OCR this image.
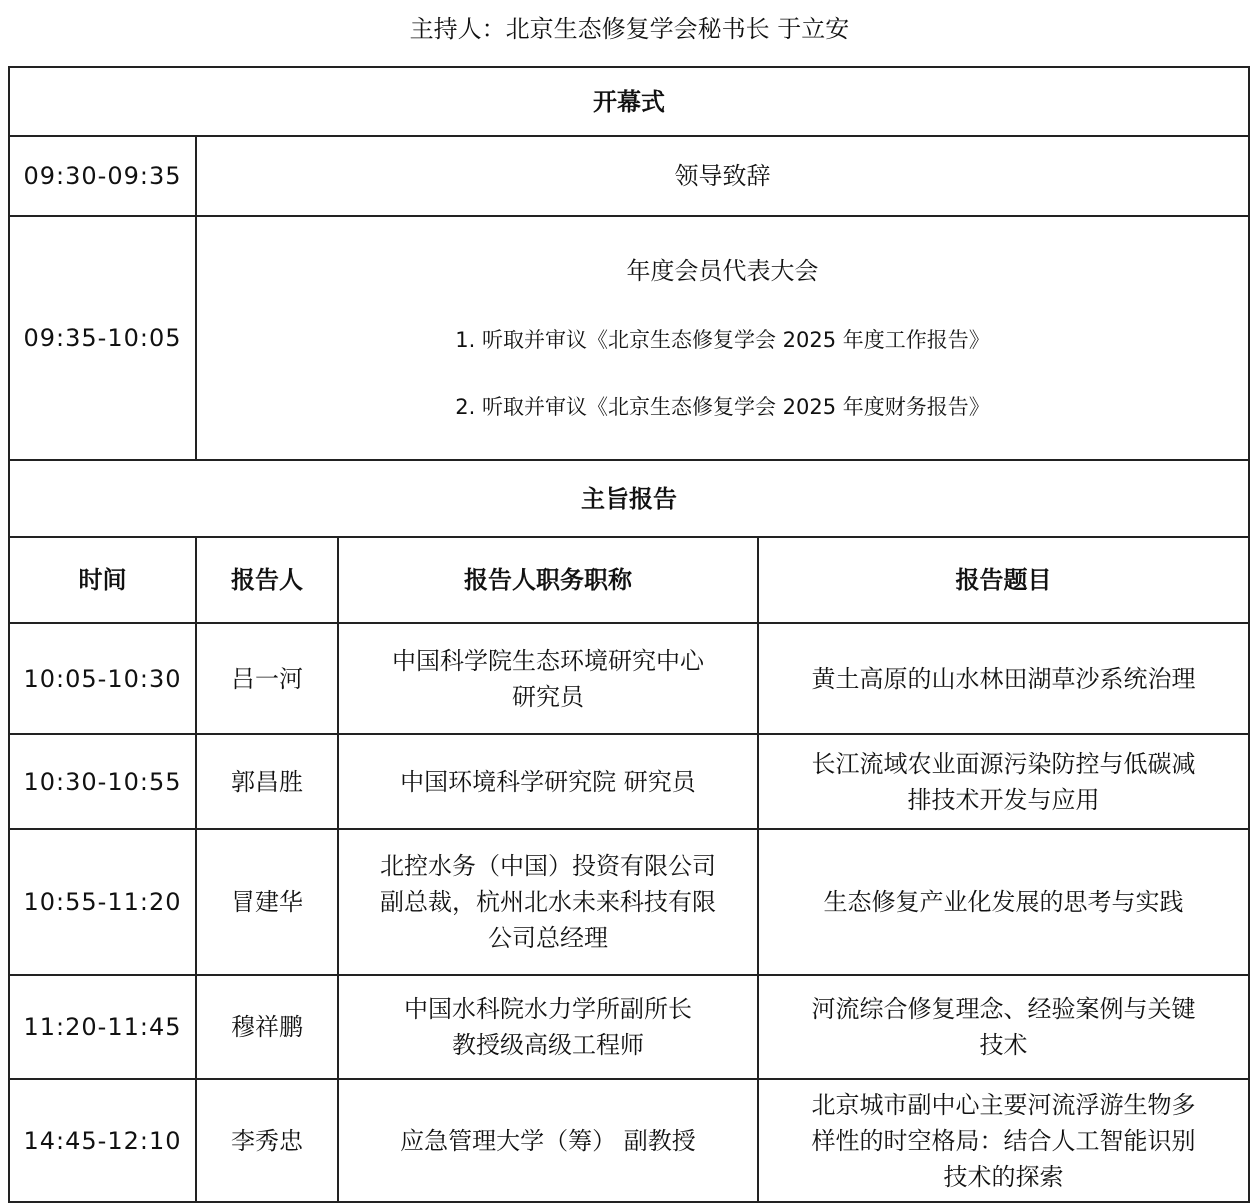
主持人：北京生态修复学会秘书长 于立安
开幕式			
09:30-09:35	领导致辞		
09:35-10:05	年度会员代表大会

1. 听取并审议《北京生态修复学会 2025 年度工作报告》

2. 听取并审议《北京生态修复学会 2025 年度财务报告》		

主旨报告			
时间	报告人	报告人职务职称	报告题目
10:05-10:30	吕一河	中国科学院生态环境研究中心
研究员	黄土高原的山水林田湖草沙系统治理
10:30-10:55	郭昌胜	中国环境科学研究院 研究员	长江流域农业面源污染防控与低碳减
排技术开发与应用
10:55-11:20	冒建华	北控水务（中国）投资有限公司
副总裁，杭州北水未来科技有限
公司总经理	生态修复产业化发展的思考与实践
11:20-11:45	穆祥鹏	中国水科院水力学所副所长
教授级高级工程师	河流综合修复理念、经验案例与关键
技术
14:45-12:10	李秀忠	应急管理大学（筹） 副教授	北京城市副中心主要河流浮游生物多
样性的时空格局：结合人工智能识别
技术的探索
